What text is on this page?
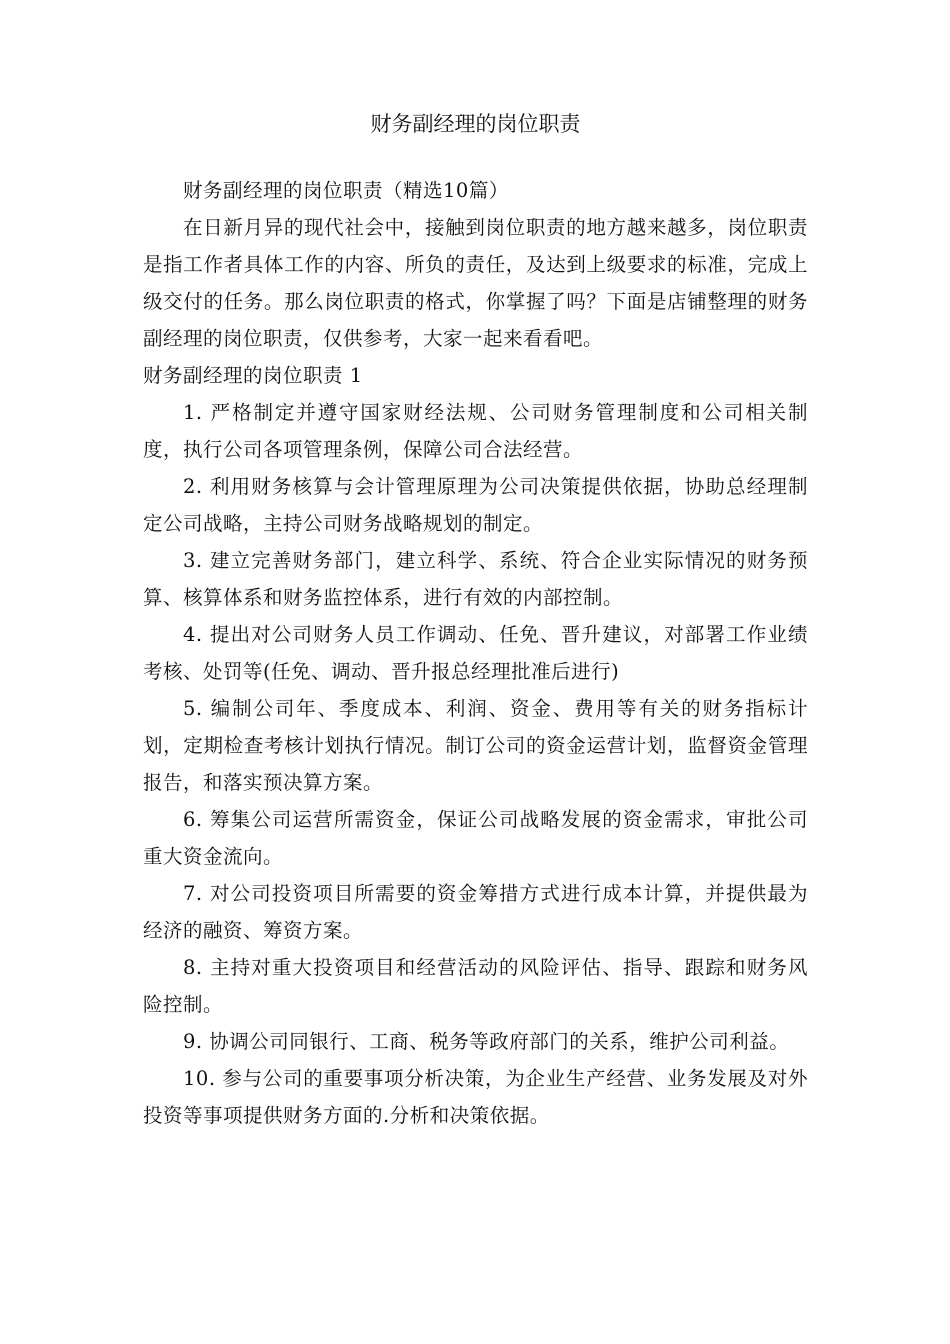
财务副经理的岗位职责

财务副经理的岗位职责（精选10篇）

在日新月异的现代社会中，接触到岗位职责的地方越来越多，岗位职责是指工作者具体工作的内容、所负的责任，及达到上级要求的标准，完成上级交付的任务。那么岗位职责的格式，你掌握了吗？下面是店铺整理的财务副经理的岗位职责，仅供参考，大家一起来看看吧。

财务副经理的岗位职责 1

1. 严格制定并遵守国家财经法规、公司财务管理制度和公司相关制度，执行公司各项管理条例，保障公司合法经营。

2. 利用财务核算与会计管理原理为公司决策提供依据，协助总经理制定公司战略，主持公司财务战略规划的制定。

3. 建立完善财务部门，建立科学、系统、符合企业实际情况的财务预算、核算体系和财务监控体系，进行有效的内部控制。

4. 提出对公司财务人员工作调动、任免、晋升建议，对部署工作业绩考核、处罚等(任免、调动、晋升报总经理批准后进行)

5. 编制公司年、季度成本、利润、资金、费用等有关的财务指标计划，定期检查考核计划执行情况。制订公司的资金运营计划，监督资金管理报告，和落实预决算方案。

6. 筹集公司运营所需资金，保证公司战略发展的资金需求，审批公司重大资金流向。

7. 对公司投资项目所需要的资金筹措方式进行成本计算，并提供最为经济的融资、筹资方案。

8. 主持对重大投资项目和经营活动的风险评估、指导、跟踪和财务风险控制。

9. 协调公司同银行、工商、税务等政府部门的关系，维护公司利益。

10. 参与公司的重要事项分析决策，为企业生产经营、业务发展及对外投资等事项提供财务方面的.分析和决策依据。
